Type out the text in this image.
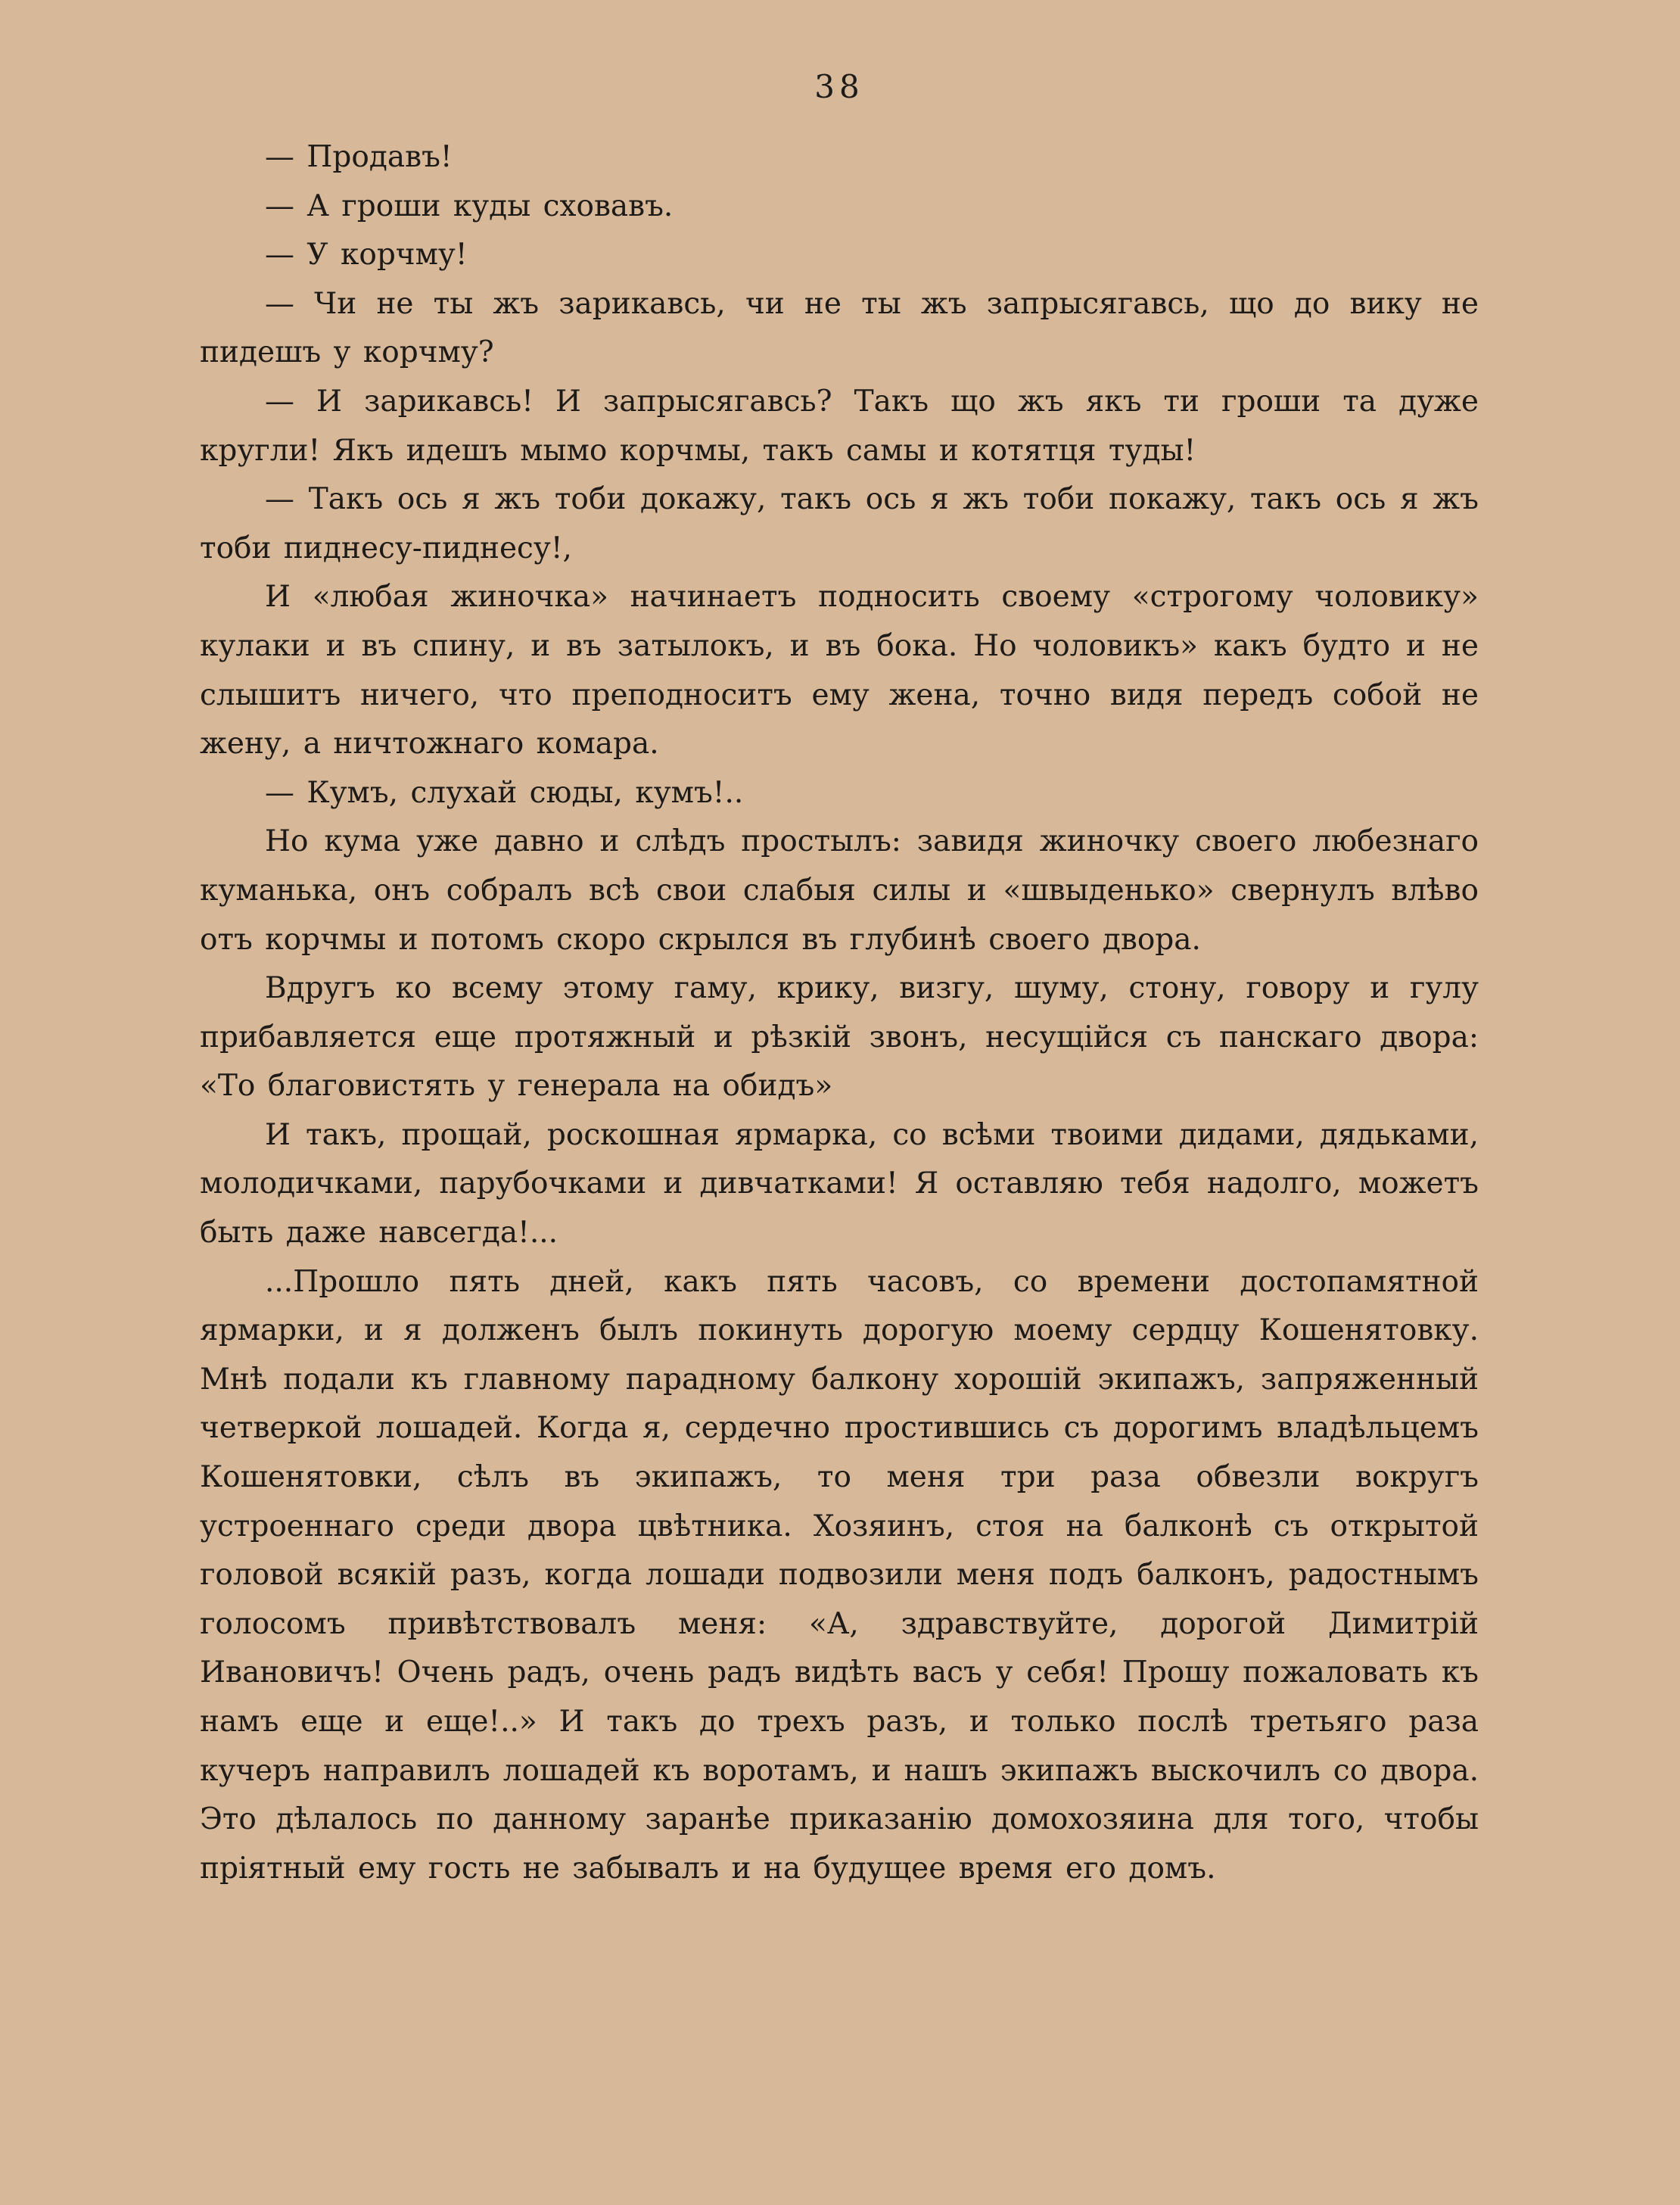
38

— Продавъ!

— А гроши куды сховавъ.

— У корчму!

— Чи не ты жъ зарикавсь, чи не ты жъ запрысягавсь, що до вику не пидешъ у корчму?

— И зарикавсь! И запрысягавсь? Такъ що жъ якъ ти гроши та дуже кругли! Якъ идешъ мымо корчмы, такъ самы и котятця туды!

— Такъ ось я жъ тоби докажу, такъ ось я жъ тоби покажу, такъ ось я жъ тоби пиднесу-пиднесу!,

И «любая жиночка» начинаетъ подносить своему «строгому чоловику» кулаки и въ спину, и въ затылокъ, и въ бока. Но чоловикъ» какъ будто и не слышитъ ничего, что преподноситъ ему жена, точно видя передъ собой не жену, а ничтожнаго комара.

— Кумъ, слухай сюды, кумъ!..

Но кума уже давно и слѣдъ простылъ: завидя жиночку своего любезнаго куманька, онъ собралъ всѣ свои слабыя силы и «швыденько» свернулъ влѣво отъ корчмы и потомъ скоро скрылся въ глубинѣ своего двора.

Вдругъ ко всему этому гаму, крику, визгу, шуму, стону, говору и гулу прибавляется еще протяжный и рѣзкій звонъ, несущійся съ панскаго двора: «То благовистять у генерала на обидъ»

И такъ, прощай, роскошная ярмарка, со всѣми твоими дидами, дядьками, молодичками, парубочками и дивчатками! Я оставляю тебя надолго, можетъ быть даже навсегда!...

...Прошло пять дней, какъ пять часовъ, со времени достопамятной ярмарки, и я долженъ былъ покинуть дорогую моему сердцу Кошенятовку. Мнѣ подали къ главному парадному балкону хорошій экипажъ, запряженный четверкой лошадей. Когда я, сердечно простившись съ дорогимъ владѣльцемъ Кошенятовки, сѣлъ въ экипажъ, то меня три раза обвезли вокругъ устроеннаго среди двора цвѣтника. Хозяинъ, стоя на балконѣ съ открытой головой всякій разъ, когда лошади подвозили меня подъ балконъ, радостнымъ голосомъ привѣтствовалъ меня: «А, здравствуйте, дорогой Димитрій Ивановичъ! Очень радъ, очень радъ видѣть васъ у себя! Прошу пожаловать къ намъ еще и еще!..» И такъ до трехъ разъ, и только послѣ третьяго раза кучеръ направилъ лошадей къ воротамъ, и нашъ экипажъ выскочилъ со двора. Это дѣлалось по данному заранѣе приказанію домохозяина для того, чтобы пріятный ему гость не забывалъ и на будущее время его домъ.
